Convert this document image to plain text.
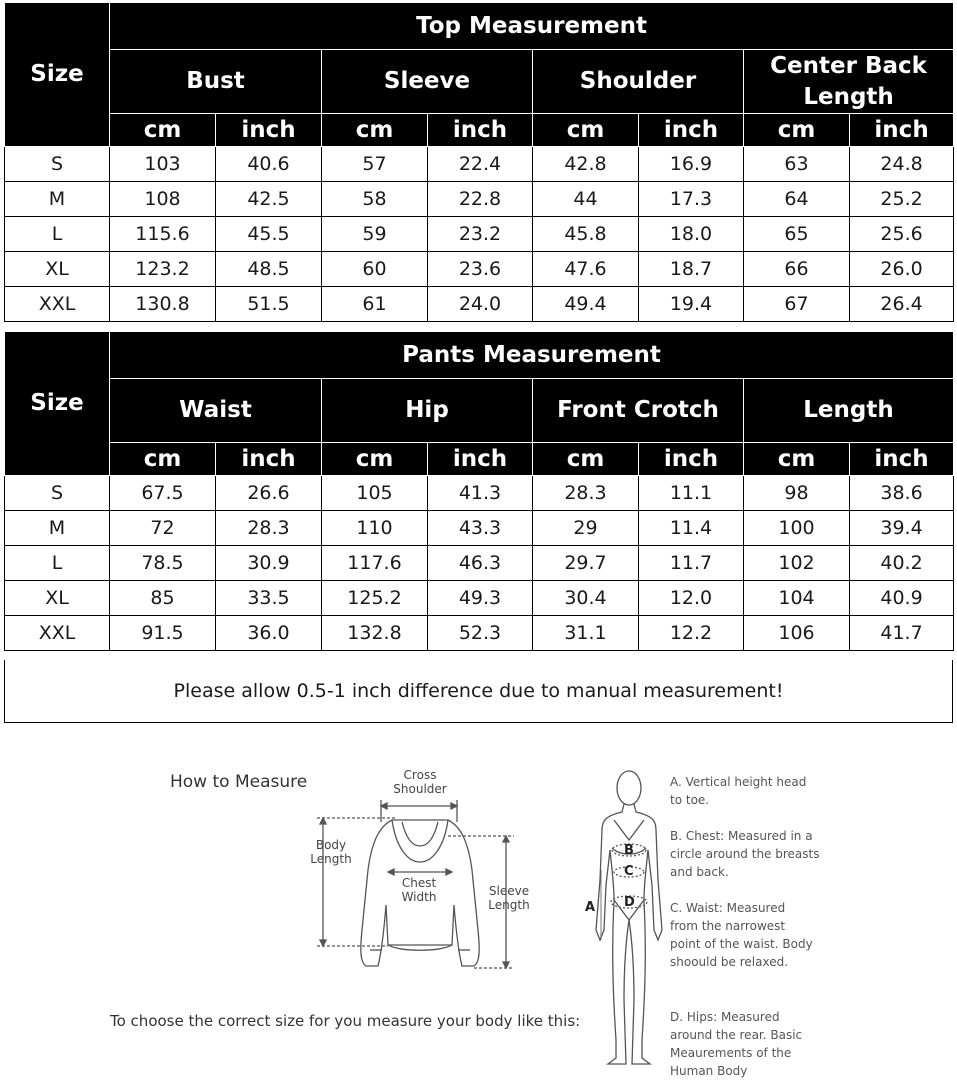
Size	Top Measurement							
	Bust		Sleeve		Shoulder		Center Back Length	
	cm	inch	cm	inch	cm	inch	cm	inch
S	103	40.6	57	22.4	42.8	16.9	63	24.8
M	108	42.5	58	22.8	44	17.3	64	25.2
L	115.6	45.5	59	23.2	45.8	18.0	65	25.6
XL	123.2	48.5	60	23.6	47.6	18.7	66	26.0
XXL	130.8	51.5	61	24.0	49.4	19.4	67	26.4
Size	Pants Measurement							
	Waist		Hip		Front Crotch		Length	
	cm	inch	cm	inch	cm	inch	cm	inch
S	67.5	26.6	105	41.3	28.3	11.1	98	38.6
M	72	28.3	110	43.3	29	11.4	100	39.4
L	78.5	30.9	117.6	46.3	29.7	11.7	102	40.2
XL	85	33.5	125.2	49.3	30.4	12.0	104	40.9
XXL	91.5	36.0	132.8	52.3	31.1	12.2	106	41.7
Please allow 0.5-1 inch difference due to manual measurement!
How to Measure	Cross Shoulder
Body Length
Chest Width	Sleeve Length
To choose the correct size for you measure your body like this:
A
B
C
D
A. Vertical height head to toe.
B. Chest: Measured in a circle around the breasts and back.
C. Waist: Measured from the narrowest point of the waist. Body shoould be relaxed.
D. Hips: Measured around the rear. Basic Meaurements of the Human Body
